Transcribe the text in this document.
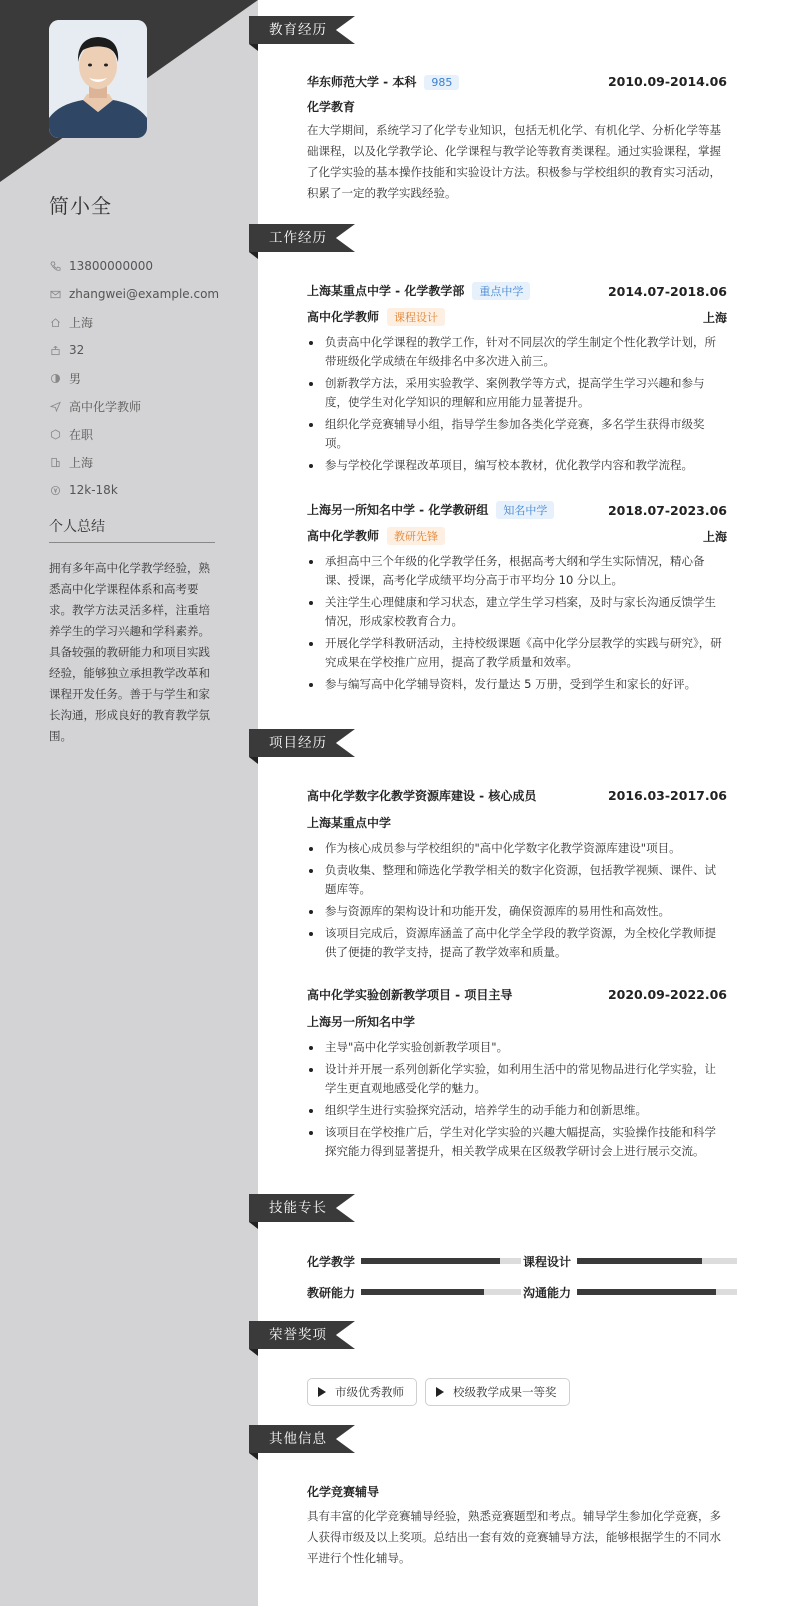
简小全
13800000000
zhangwei@example.com
上海
32
男
高中化学教师
在职
上海
12k-18k
个人总结
拥有多年高中化学教学经验，熟悉高中化学课程体系和高考要求。教学方法灵活多样，注重培养学生的学习兴趣和学科素养。具备较强的教研能力和项目实践经验，能够独立承担教学改革和课程开发任务。善于与学生和家长沟通，形成良好的教育教学氛围。
教育经历
华东师范大学 - 本科 985	2010.09-2014.06
化学教育
在大学期间，系统学习了化学专业知识，包括无机化学、有机化学、分析化学等基础课程，以及化学教学论、化学课程与教学论等教育类课程。通过实验课程，掌握了化学实验的基本操作技能和实验设计方法。积极参与学校组织的教育实习活动，积累了一定的教学实践经验。
工作经历
上海某重点中学 - 化学教学部 重点中学	2014.07-2018.06
高中化学教师 课程设计	上海
负责高中化学课程的教学工作，针对不同层次的学生制定个性化教学计划，所带班级化学成绩在年级排名中多次进入前三。
创新教学方法，采用实验教学、案例教学等方式，提高学生学习兴趣和参与度，使学生对化学知识的理解和应用能力显著提升。
组织化学竞赛辅导小组，指导学生参加各类化学竞赛，多名学生获得市级奖项。
参与学校化学课程改革项目，编写校本教材，优化教学内容和教学流程。
上海另一所知名中学 - 化学教研组 知名中学	2018.07-2023.06
高中化学教师 教研先锋	上海
承担高中三个年级的化学教学任务，根据高考大纲和学生实际情况，精心备课、授课，高考化学成绩平均分高于市平均分 10 分以上。
关注学生心理健康和学习状态，建立学生学习档案，及时与家长沟通反馈学生情况，形成家校教育合力。
开展化学学科教研活动，主持校级课题《高中化学分层教学的实践与研究》，研究成果在学校推广应用，提高了教学质量和效率。
参与编写高中化学辅导资料，发行量达 5 万册，受到学生和家长的好评。
项目经历
高中化学数字化教学资源库建设 - 核心成员	2016.03-2017.06
上海某重点中学
作为核心成员参与学校组织的"高中化学数字化教学资源库建设"项目。
负责收集、整理和筛选化学教学相关的数字化资源，包括教学视频、课件、试题库等。
参与资源库的架构设计和功能开发，确保资源库的易用性和高效性。
该项目完成后，资源库涵盖了高中化学全学段的教学资源，为全校化学教师提供了便捷的教学支持，提高了教学效率和质量。
高中化学实验创新教学项目 - 项目主导	2020.09-2022.06
上海另一所知名中学
主导"高中化学实验创新教学项目"。
设计并开展一系列创新化学实验，如利用生活中的常见物品进行化学实验，让学生更直观地感受化学的魅力。
组织学生进行实验探究活动，培养学生的动手能力和创新思维。
该项目在学校推广后，学生对化学实验的兴趣大幅提高，实验操作技能和科学探究能力得到显著提升，相关教学成果在区级教学研讨会上进行展示交流。
技能专长
化学教学	课程设计
教研能力	沟通能力
荣誉奖项
市级优秀教师	校级教学成果一等奖
其他信息
化学竞赛辅导
具有丰富的化学竞赛辅导经验，熟悉竞赛题型和考点。辅导学生参加化学竞赛，多人获得市级及以上奖项。总结出一套有效的竞赛辅导方法，能够根据学生的不同水平进行个性化辅导。
